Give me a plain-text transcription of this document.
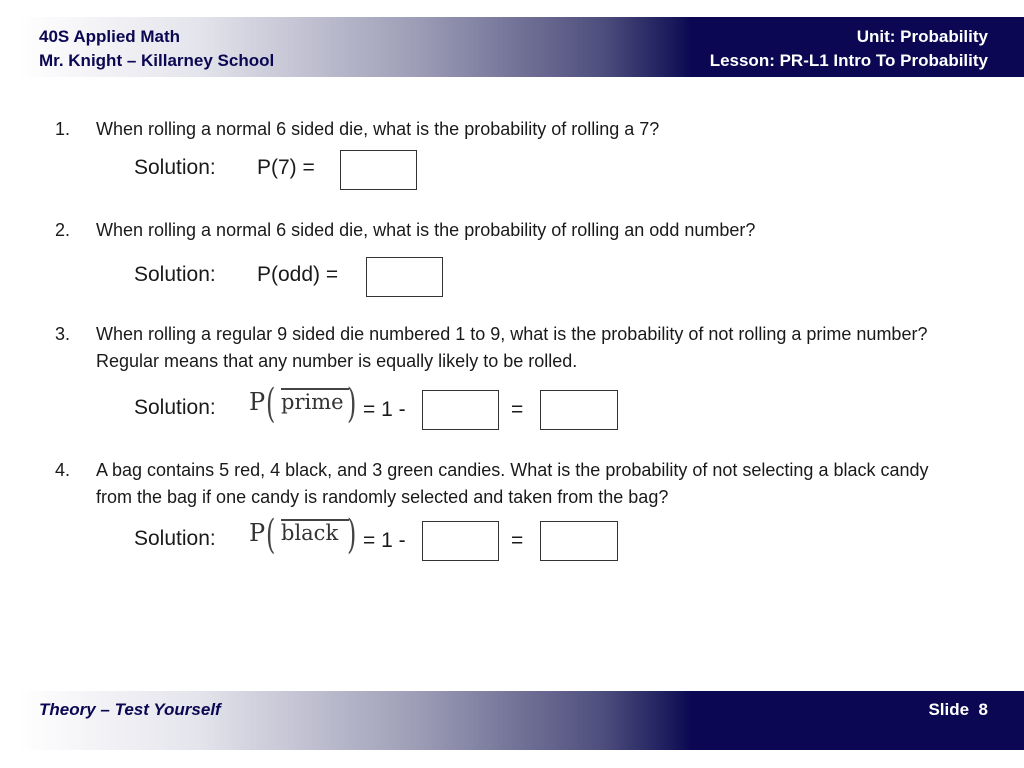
40S Applied Math
Mr. Knight – Killarney School
Unit: Probability
Lesson: PR-L1 Intro To Probability
1. When rolling a normal 6 sided die, what is the probability of rolling a 7?
Solution: P(7) =
2. When rolling a normal 6 sided die, what is the probability of rolling an odd number?
Solution: P(odd) =
3. When rolling a regular 9 sided die numbered 1 to 9, what is the probability of not rolling a prime number? Regular means that any number is equally likely to be rolled.
Solution: P ( prime ) = 1 -	=
4. A bag contains 5 red, 4 black, and 3 green candies. What is the probability of not selecting a black candy from the bag if one candy is randomly selected and taken from the bag?
Solution: P ( black ) = 1 -	=
Theory – Test Yourself	Slide  8
